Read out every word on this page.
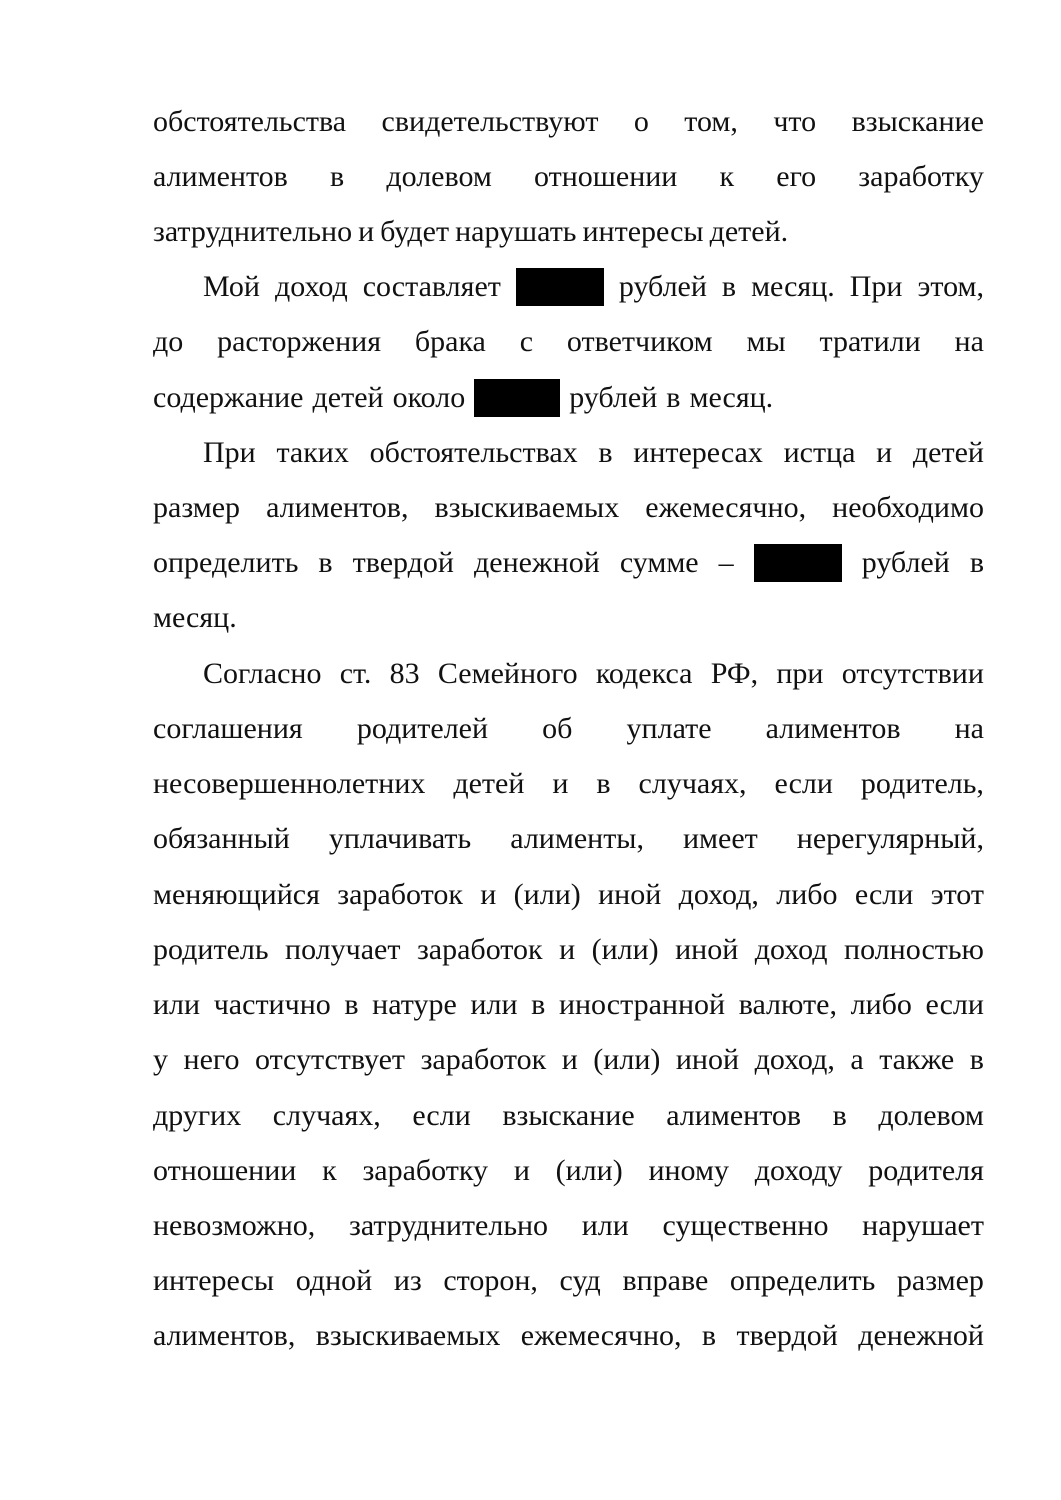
обстоятельства свидетельствуют о том, что взыскание
алиментов в долевом отношении к его заработку
затруднительно и будет нарушать интересы детей.
Мой доход составляет	рублей в месяц. При этом,
до расторжения брака с ответчиком мы тратили на
содержание детей около	рублей в месяц.
При таких обстоятельствах в интересах истца и детей
размер алиментов, взыскиваемых ежемесячно, необходимо
определить в твердой денежной сумме –	рублей в
месяц.
Согласно ст. 83 Семейного кодекса РФ, при отсутствии
соглашения родителей об уплате алиментов на
несовершеннолетних детей и в случаях, если родитель,
обязанный уплачивать алименты, имеет нерегулярный,
меняющийся заработок и (или) иной доход, либо если этот
родитель получает заработок и (или) иной доход полностью
или частично в натуре или в иностранной валюте, либо если
у него отсутствует заработок и (или) иной доход, а также в
других случаях, если взыскание алиментов в долевом
отношении к заработку и (или) иному доходу родителя
невозможно, затруднительно или существенно нарушает
интересы одной из сторон, суд вправе определить размер
алиментов, взыскиваемых ежемесячно, в твердой денежной
